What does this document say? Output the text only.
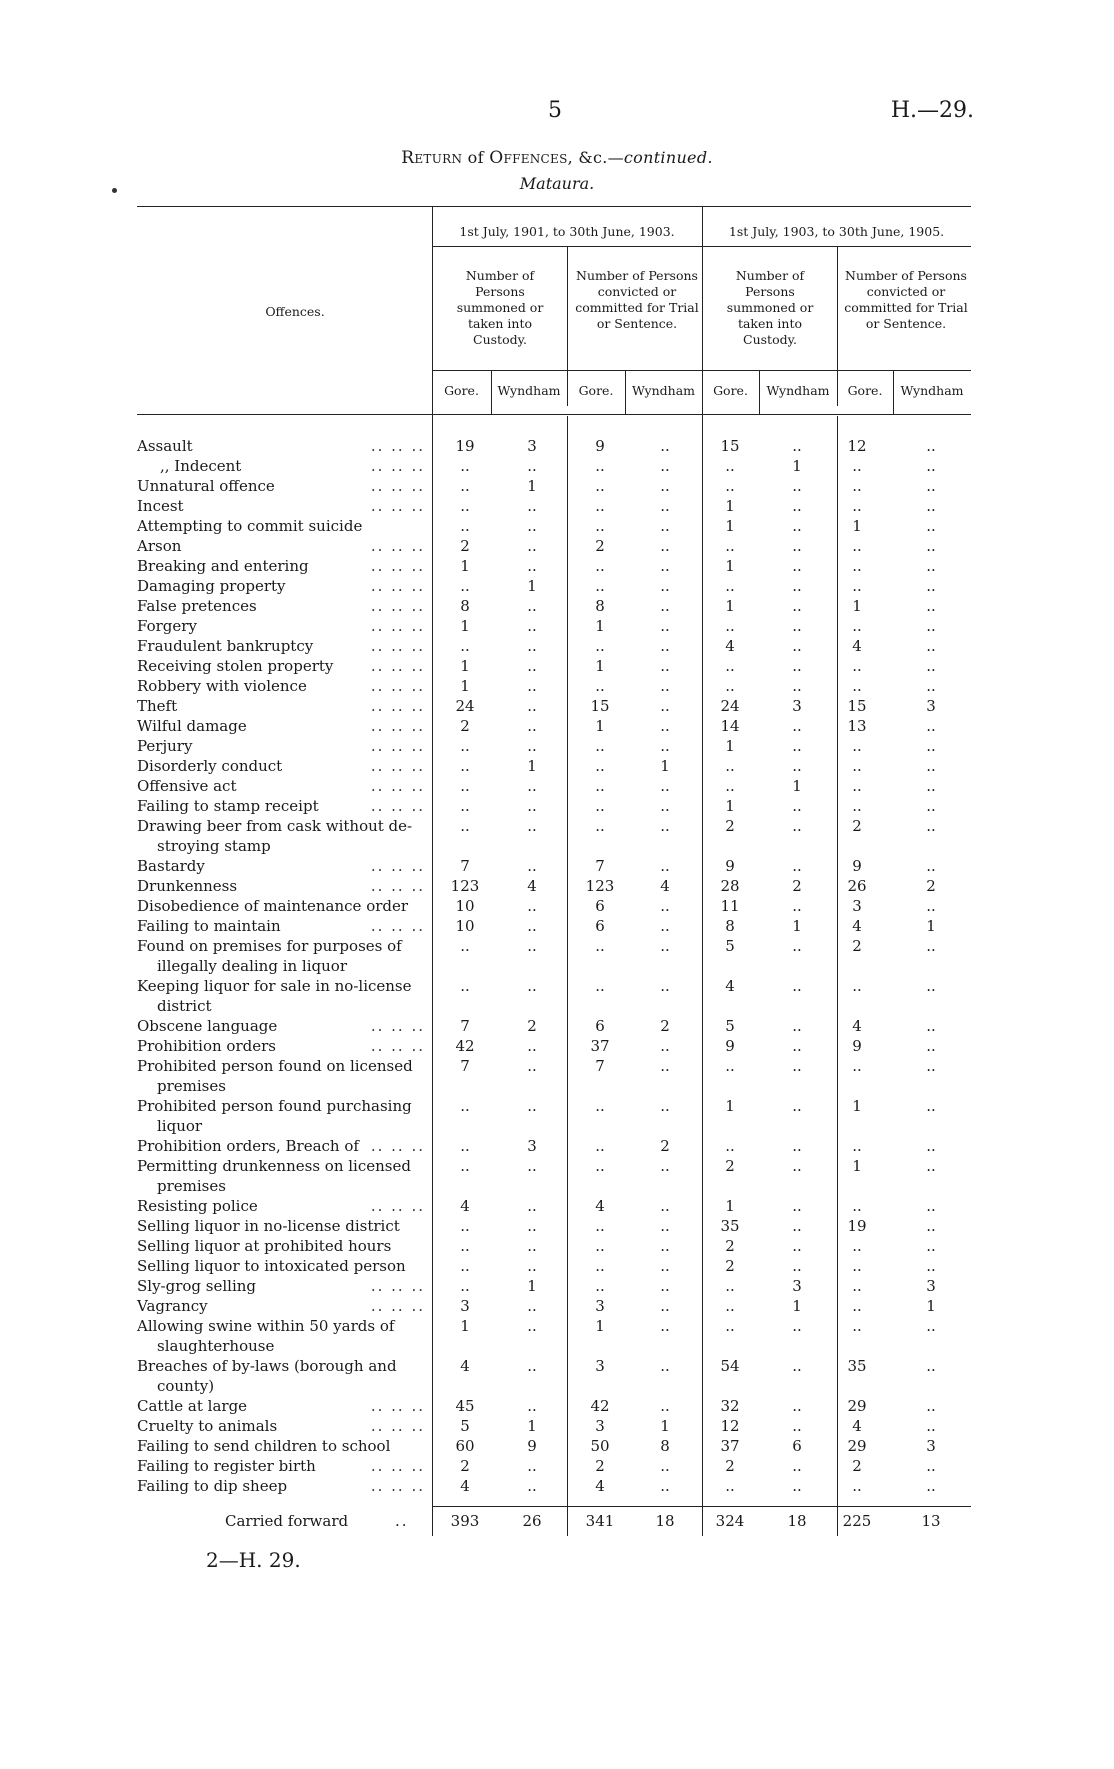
5	H.—29.
Return of Offences, &c.—continued.
Mataura.
Offences.
1st July, 1901, to 30th June, 1903.	1st July, 1903, to 30th June, 1905.
Number of Persons summoned or taken into Custody.
Number of Persons convicted or committed for Trial or Sentence.
Number of Persons summoned or taken into Custody.
Number of Persons convicted or committed for Trial or Sentence.
Gore.	Wyndham	Gore.	Wyndham	Gore.	Wyndham	Gore.	Wyndham
Assault	.. .. ..	19	3	9	..	15	..	12	..
,, Indecent	.. .. ..	..	..	..	..	..	1	..	..
Unnatural offence	.. .. ..	..	1	..	..	..	..	..	..
Incest	.. .. ..	..	..	..	..	1	..	..	..
Attempting to commit suicide	..	..	..	..	1	..	1	..
Arson	.. .. ..	2	..	2	..	..	..	..	..
Breaking and entering	.. .. ..	1	..	..	..	1	..	..	..
Damaging property	.. .. ..	..	1	..	..	..	..	..	..
False pretences	.. .. ..	8	..	8	..	1	..	1	..
Forgery	.. .. ..	1	..	1	..	..	..	..	..
Fraudulent bankruptcy	.. .. ..	..	..	..	..	4	..	4	..
Receiving stolen property	.. .. ..	1	..	1	..	..	..	..	..
Robbery with violence	.. .. ..	1	..	..	..	..	..	..	..
Theft	.. .. ..	24	..	15	..	24	3	15	3
Wilful damage	.. .. ..	2	..	1	..	14	..	13	..
Perjury	.. .. ..	..	..	..	..	1	..	..	..
Disorderly conduct	.. .. ..	..	1	..	1	..	..	..	..
Offensive act	.. .. ..	..	..	..	..	..	1	..	..
Failing to stamp receipt	.. .. ..	..	..	..	..	1	..	..	..
Drawing beer from cask without de-	..	..	..	..	2	..	2	..
stroying stamp
Bastardy	.. .. ..	7	..	7	..	9	..	9	..
Drunkenness	.. .. ..	123	4	123	4	28	2	26	2
Disobedience of maintenance order	10	..	6	..	11	..	3	..
Failing to maintain	.. .. ..	10	..	6	..	8	1	4	1
Found on premises for purposes of	..	..	..	..	5	..	2	..
illegally dealing in liquor
Keeping liquor for sale in no-license	..	..	..	..	4	..	..	..
district
Obscene language	.. .. ..	7	2	6	2	5	..	4	..
Prohibition orders	.. .. ..	42	..	37	..	9	..	9	..
Prohibited person found on licensed	7	..	7	..	..	..	..	..
premises
Prohibited person found purchasing	..	..	..	..	1	..	1	..
liquor
Prohibition orders, Breach of .. .. ..	..	3	..	2	..	..	..	..
Permitting drunkenness on licensed	..	..	..	..	2	..	1	..
premises
Resisting police	.. .. ..	4	..	4	..	1	..	..	..
Selling liquor in no-license district	..	..	..	..	35	..	19	..
Selling liquor at prohibited hours	..	..	..	..	2	..	..	..
Selling liquor to intoxicated person	..	..	..	..	2	..	..	..
Sly-grog selling	.. .. ..	..	1	..	..	..	3	..	3
Vagrancy	.. .. ..	3	..	3	..	..	1	..	1
Allowing swine within 50 yards of	1	..	1	..	..	..	..	..
slaughterhouse
Breaches of by-laws (borough and	4	..	3	..	54	..	35	..
county)
Cattle at large	.. .. ..	45	..	42	..	32	..	29	..
Cruelty to animals	.. .. ..	5	1	3	1	12	..	4	..
Failing to send children to school	60	9	50	8	37	6	29	3
Failing to register birth	.. .. ..	2	..	2	..	2	..	2	..
Failing to dip sheep	.. .. ..	4	..	4	..	..	..	..	..
Carried forward	..	393	26	341	18	324	18	225	13
2—H. 29.
